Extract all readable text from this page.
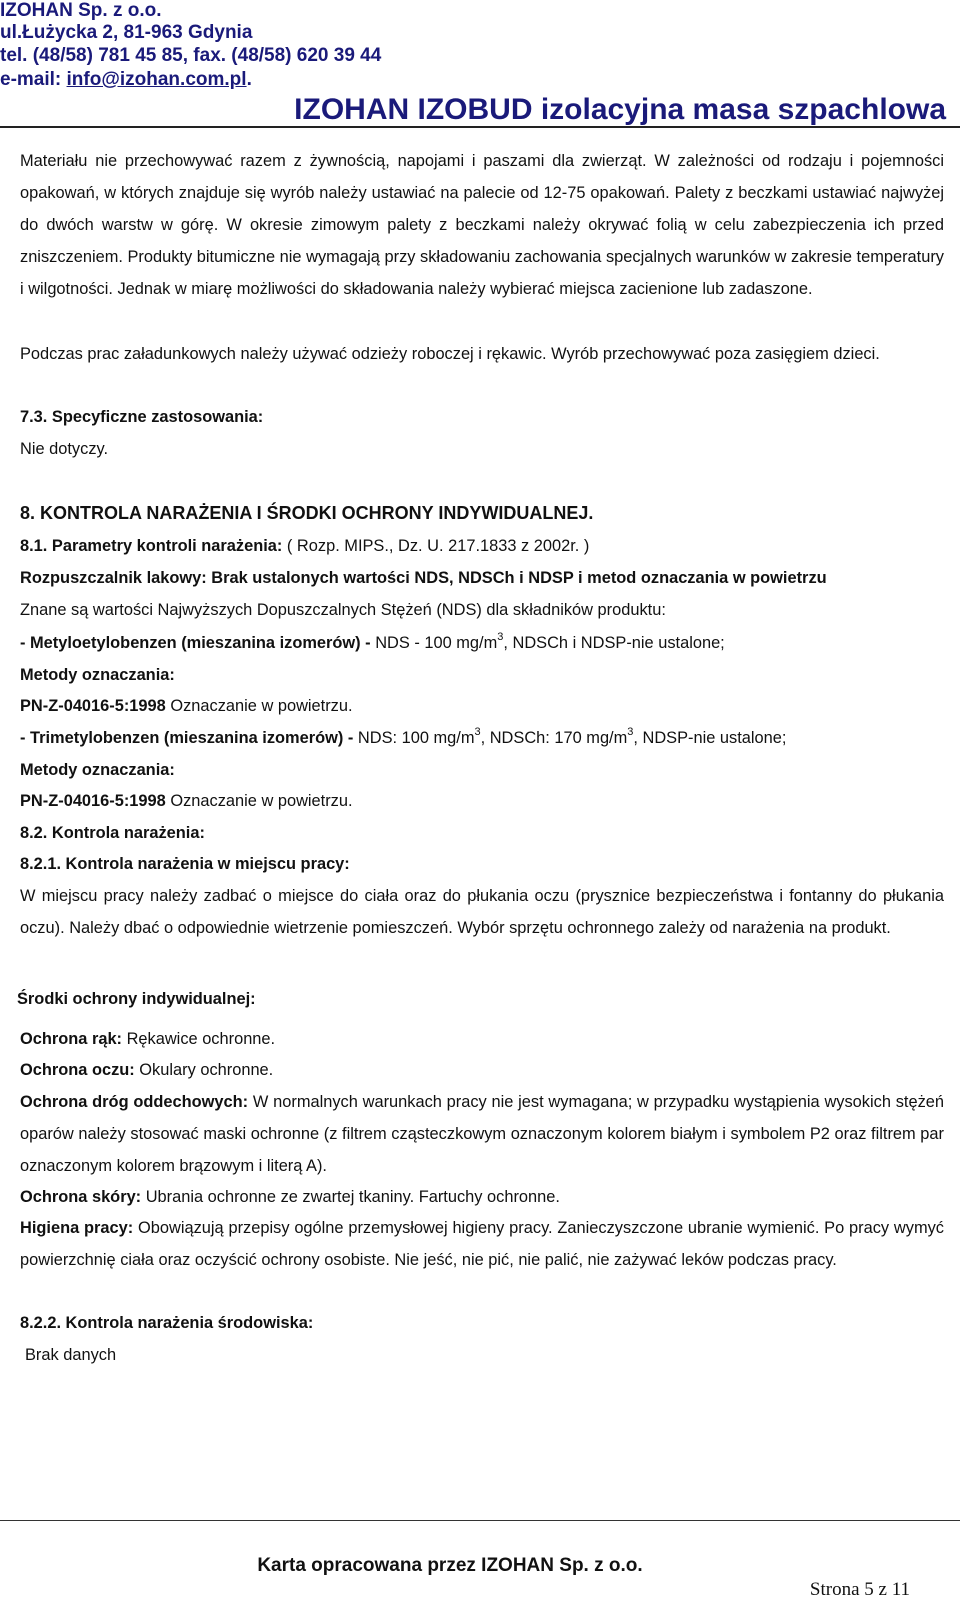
IZOHAN Sp. z o.o.
ul.Łużycka 2, 81-963 Gdynia
tel. (48/58) 781 45 85, fax. (48/58) 620 39 44
e-mail: info@izohan.com.pl.
IZOHAN IZOBUD izolacyjna masa szpachlowa
Materiału nie przechowywać razem z żywnością, napojami i paszami dla zwierząt. W zależności od rodzaju i pojemności opakowań, w których znajduje się wyrób należy ustawiać na palecie od 12-75 opakowań. Palety z beczkami ustawiać najwyżej do dwóch warstw w górę. W okresie zimowym palety z beczkami należy okrywać folią w celu zabezpieczenia ich przed zniszczeniem. Produkty bitumiczne nie wymagają przy składowaniu zachowania specjalnych warunków w zakresie temperatury i wilgotności. Jednak w miarę możliwości do składowania należy wybierać miejsca zacienione lub zadaszone.
Podczas prac załadunkowych należy używać odzieży roboczej i rękawic. Wyrób przechowywać poza zasięgiem dzieci.
7.3. Specyficzne zastosowania:
Nie dotyczy.
8. KONTROLA NARAŻENIA I ŚRODKI OCHRONY INDYWIDUALNEJ.
8.1. Parametry kontroli narażenia: ( Rozp. MIPS., Dz. U. 217.1833 z 2002r. )
Rozpuszczalnik lakowy: Brak ustalonych wartości NDS, NDSCh i NDSP i metod oznaczania w powietrzu
Znane są wartości Najwyższych Dopuszczalnych Stężeń (NDS) dla składników produktu:
- Metyloetylobenzen (mieszanina izomerów) - NDS - 100 $mg/m^3$, NDSCh i NDSP-nie ustalone;
Metody oznaczania:
PN-Z-04016-5:1998 Oznaczanie w powietrzu.
- Trimetylobenzen (mieszanina izomerów) - NDS: 100 $mg/m^3$, NDSCh: 170 $mg/m^3$, NDSP-nie ustalone;
Metody oznaczania:
PN-Z-04016-5:1998 Oznaczanie w powietrzu.
8.2. Kontrola narażenia:
8.2.1. Kontrola narażenia w miejscu pracy:
W miejscu pracy należy zadbać o miejsce do ciała oraz do płukania oczu (prysznice bezpieczeństwa i fontanny do płukania oczu). Należy dbać o odpowiednie wietrzenie pomieszczeń. Wybór sprzętu ochronnego zależy od narażenia na produkt.
Środki ochrony indywidualnej:
Ochrona rąk: Rękawice ochronne.
Ochrona oczu: Okulary ochronne.
Ochrona dróg oddechowych: W normalnych warunkach pracy nie jest wymagana; w przypadku wystąpienia wysokich stężeń oparów należy stosować maski ochronne (z filtrem cząsteczkowym oznaczonym kolorem białym i symbolem P2 oraz filtrem par oznaczonym kolorem brązowym i literą A).
Ochrona skóry: Ubrania ochronne ze zwartej tkaniny. Fartuchy ochronne.
Higiena pracy: Obowiązują przepisy ogólne przemysłowej higieny pracy. Zanieczyszczone ubranie wymienić. Po pracy wymyć powierzchnię ciała oraz oczyścić ochrony osobiste. Nie jeść, nie pić, nie palić, nie zażywać leków podczas pracy.
8.2.2. Kontrola narażenia środowiska:
Brak danych
Karta opracowana przez IZOHAN Sp. z o.o.
Strona 5 z 11
